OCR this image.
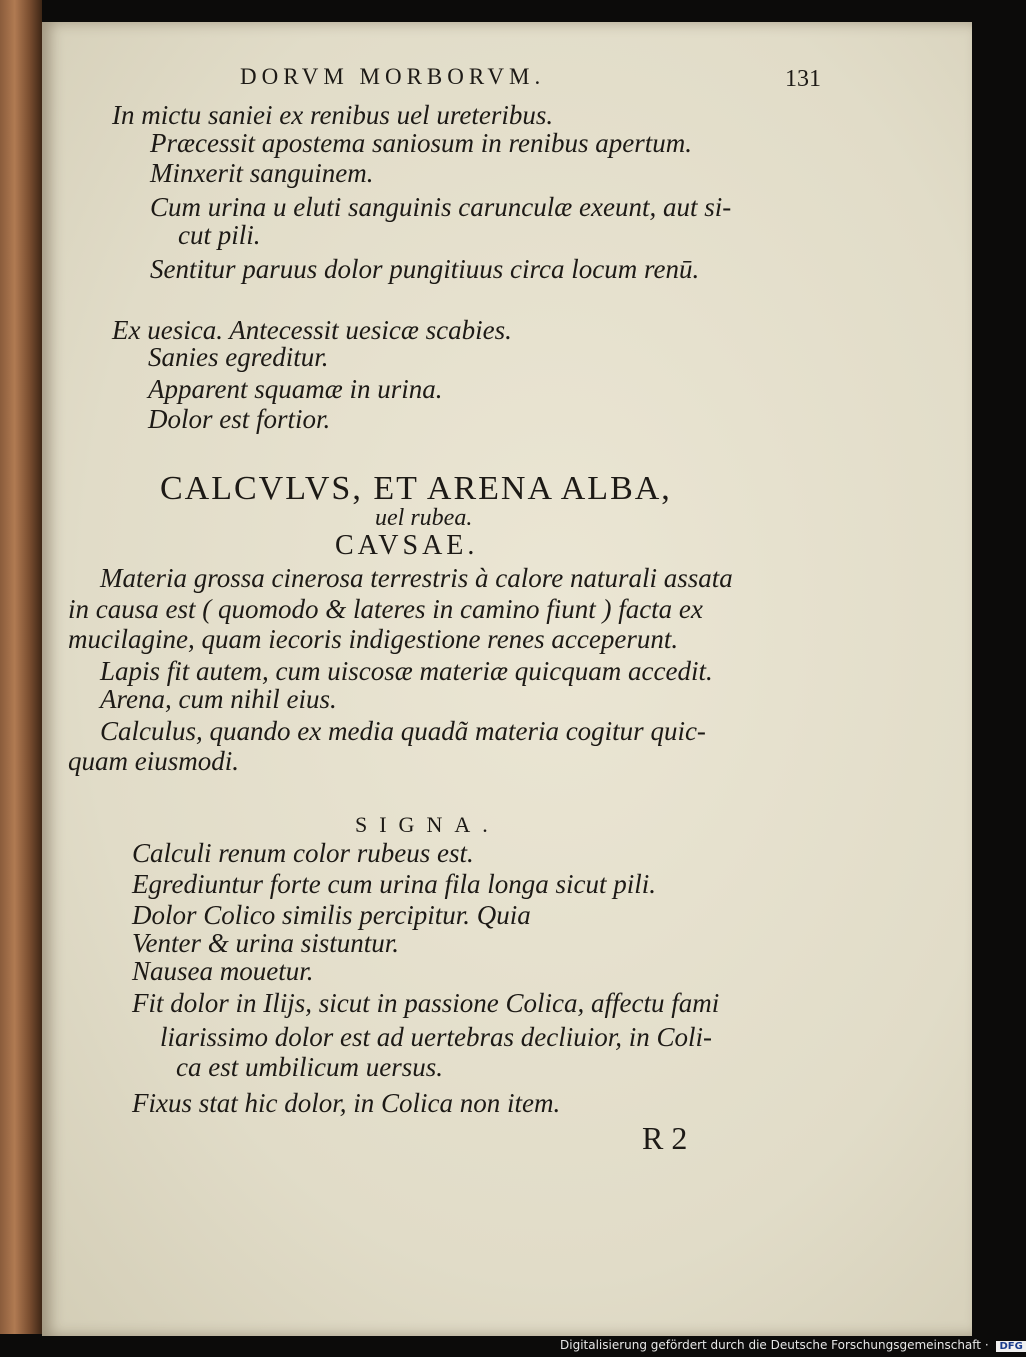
DORVM MORBORVM.	131
In mictu saniei ex renibus uel ureteribus.
Præcessit apostema saniosum in renibus apertum.
Minxerit sanguinem.
Cum urina u eluti sanguinis carunculæ exeunt, aut si-
cut pili.
Sentitur paruus dolor pungitiuus circa locum renū.
Ex uesica. Antecessit uesicæ scabies.
Sanies egreditur.
Apparent squamæ in urina.
Dolor est fortior.
CALCVLVS, ET ARENA ALBA,
uel rubea.
CAVSAE.
Materia grossa cinerosa terrestris à calore naturali assata
in causa est ( quomodo & lateres in camino fiunt ) facta ex
mucilagine, quam iecoris indigestione renes acceperunt.
Lapis fit autem, cum uiscosæ materiæ quicquam accedit.
Arena, cum nihil eius.
Calculus, quando ex media quadã materia cogitur quic-
quam eiusmodi.
SIGNA.
Calculi renum color rubeus est.
Egrediuntur forte cum urina fila longa sicut pili.
Dolor Colico similis percipitur. Quia
Venter & urina sistuntur.
Nausea mouetur.
Fit dolor in Ilijs, sicut in passione Colica, affectu fami
liarissimo dolor est ad uertebras decliuior, in Coli-
ca est umbilicum uersus.
Fixus stat hic dolor, in Colica non item.
R 2
Digitalisierung gefördert durch die Deutsche Forschungsgemeinschaft · DFG
